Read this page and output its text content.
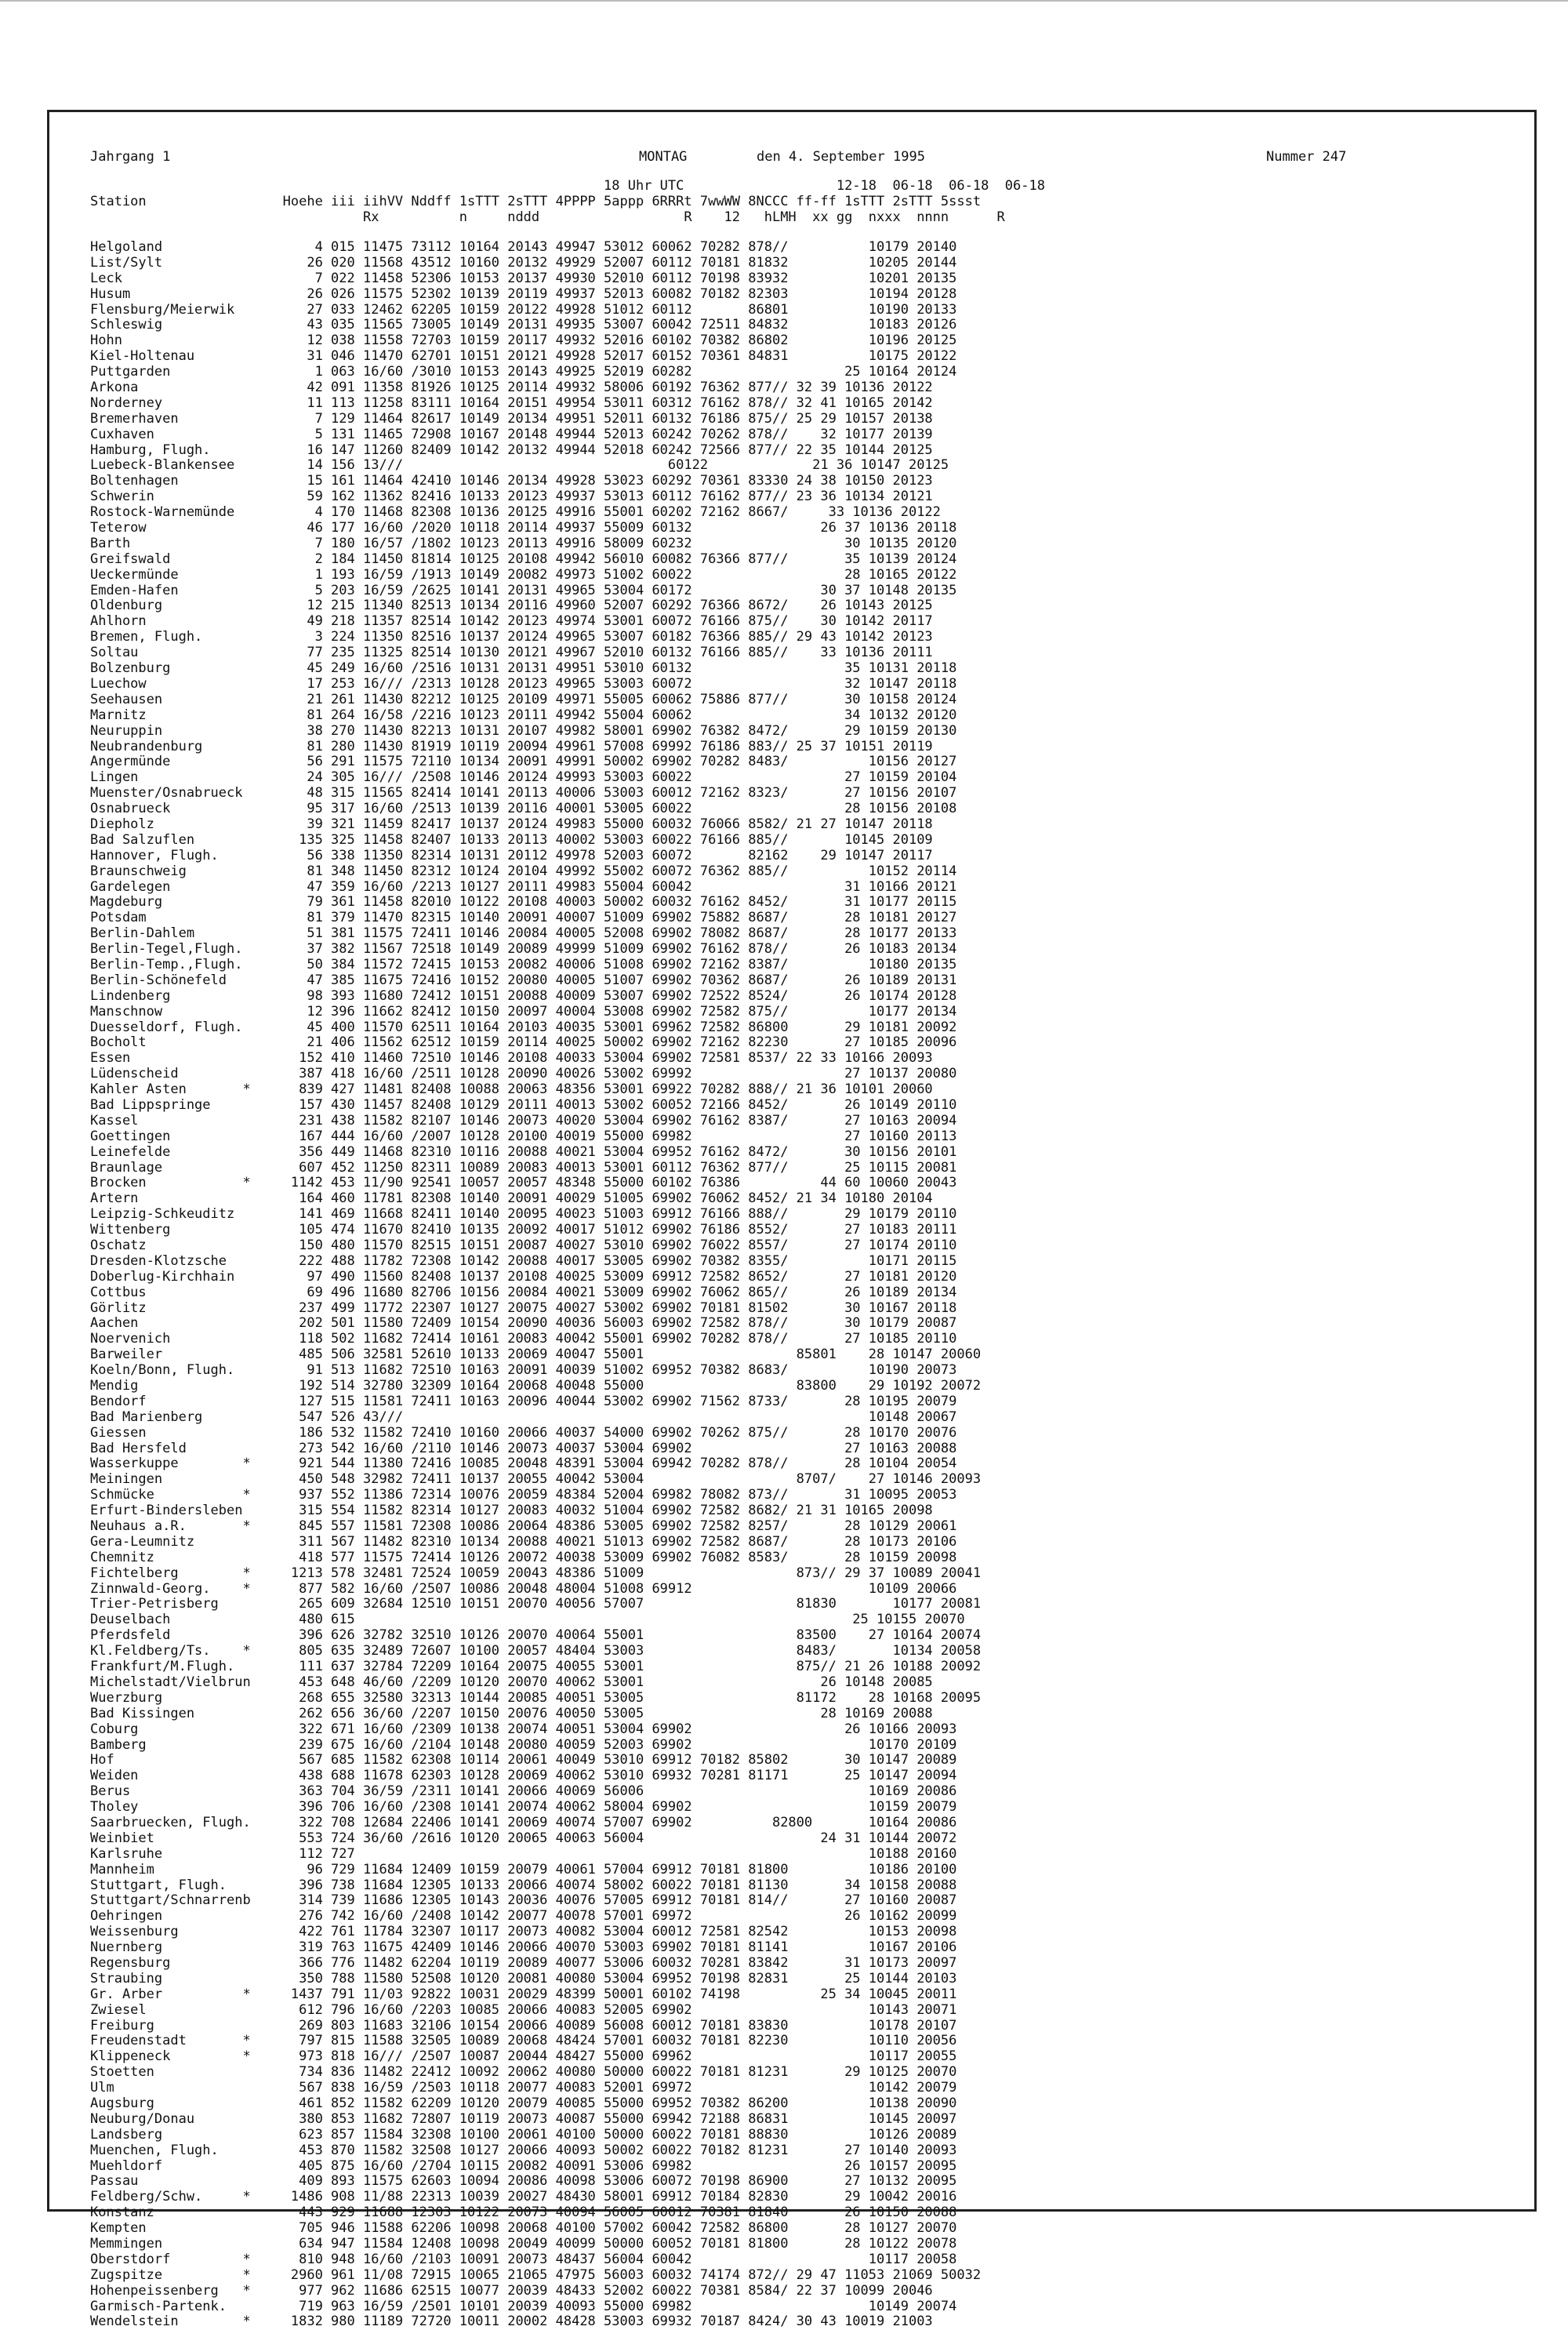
Jahrgang 1	MONTAG	den 4. September 1995	Nummer 247
18 Uhr UTC                   12-18  06-18  06-18  06-18
Station                 Hoehe iii iihVV Nddff 1sTTT 2sTTT 4PPPP 5appp 6RRRt 7wwWW 8NCCC ff-ff 1sTTT 2sTTT 5ssst
Rx          n     nddd                  R    12   hLMH  xx gg  nxxx  nnnn      R
Helgoland                   4 015 11475 73112 10164 20143 49947 53012 60062 70282 878//          10179 20140
List/Sylt                  26 020 11568 43512 10160 20132 49929 52007 60112 70181 81832          10205 20144
Leck                        7 022 11458 52306 10153 20137 49930 52010 60112 70198 83932          10201 20135
Husum                      26 026 11575 52302 10139 20119 49937 52013 60082 70182 82303          10194 20128
Flensburg/Meierwik         27 033 12462 62205 10159 20122 49928 51012 60112       86801          10190 20133
Schleswig                  43 035 11565 73005 10149 20131 49935 53007 60042 72511 84832          10183 20126
Hohn                       12 038 11558 72703 10159 20117 49932 52016 60102 70382 86802          10196 20125
Kiel-Holtenau              31 046 11470 62701 10151 20121 49928 52017 60152 70361 84831          10175 20122
Puttgarden                  1 063 16/60 /3010 10153 20143 49925 52019 60282                   25 10164 20124
Arkona                     42 091 11358 81926 10125 20114 49932 58006 60192 76362 877// 32 39 10136 20122
Norderney                  11 113 11258 83111 10164 20151 49954 53011 60312 76162 878// 32 41 10165 20142
Bremerhaven                 7 129 11464 82617 10149 20134 49951 52011 60132 76186 875// 25 29 10157 20138
Cuxhaven                    5 131 11465 72908 10167 20148 49944 52013 60242 70262 878//    32 10177 20139
Hamburg, Flugh.            16 147 11260 82409 10142 20132 49944 52018 60242 72566 877// 22 35 10144 20125
Luebeck-Blankensee         14 156 13///                                 60122             21 36 10147 20125
Boltenhagen                15 161 11464 42410 10146 20134 49928 53023 60292 70361 83330 24 38 10150 20123
Schwerin                   59 162 11362 82416 10133 20123 49937 53013 60112 76162 877// 23 36 10134 20121
Rostock-Warnemünde          4 170 11468 82308 10136 20125 49916 55001 60202 72162 8667/     33 10136 20122
Teterow                    46 177 16/60 /2020 10118 20114 49937 55009 60132                26 37 10136 20118
Barth                       7 180 16/57 /1802 10123 20113 49916 58009 60232                   30 10135 20120
Greifswald                  2 184 11450 81814 10125 20108 49942 56010 60082 76366 877//       35 10139 20124
Ueckermünde                 1 193 16/59 /1913 10149 20082 49973 51002 60022                   28 10165 20122
Emden-Hafen                 5 203 16/59 /2625 10141 20131 49965 53004 60172                30 37 10148 20135
Oldenburg                  12 215 11340 82513 10134 20116 49960 52007 60292 76366 8672/    26 10143 20125
Ahlhorn                    49 218 11357 82514 10142 20123 49974 53001 60072 76166 875//    30 10142 20117
Bremen, Flugh.              3 224 11350 82516 10137 20124 49965 53007 60182 76366 885// 29 43 10142 20123
Soltau                     77 235 11325 82514 10130 20121 49967 52010 60132 76166 885//    33 10136 20111
Bolzenburg                 45 249 16/60 /2516 10131 20131 49951 53010 60132                   35 10131 20118
Luechow                    17 253 16/// /2313 10128 20123 49965 53003 60072                   32 10147 20118
Seehausen                  21 261 11430 82212 10125 20109 49971 55005 60062 75886 877//       30 10158 20124
Marnitz                    81 264 16/58 /2216 10123 20111 49942 55004 60062                   34 10132 20120
Neuruppin                  38 270 11430 82213 10131 20107 49982 58001 69902 76382 8472/       29 10159 20130
Neubrandenburg             81 280 11430 81919 10119 20094 49961 57008 69992 76186 883// 25 37 10151 20119
Angermünde                 56 291 11575 72110 10134 20091 49991 50002 69902 70282 8483/          10156 20127
Lingen                     24 305 16/// /2508 10146 20124 49993 53003 60022                   27 10159 20104
Muenster/Osnabrueck        48 315 11565 82414 10141 20113 40006 53003 60012 72162 8323/       27 10156 20107
Osnabrueck                 95 317 16/60 /2513 10139 20116 40001 53005 60022                   28 10156 20108
Diepholz                   39 321 11459 82417 10137 20124 49983 55000 60032 76066 8582/ 21 27 10147 20118
Bad Salzuflen             135 325 11458 82407 10133 20113 40002 53003 60022 76166 885//       10145 20109
Hannover, Flugh.           56 338 11350 82314 10131 20112 49978 52003 60072       82162    29 10147 20117
Braunschweig               81 348 11450 82312 10124 20104 49992 55002 60072 76362 885//          10152 20114
Gardelegen                 47 359 16/60 /2213 10127 20111 49983 55004 60042                   31 10166 20121
Magdeburg                  79 361 11458 82010 10122 20108 40003 50002 60032 76162 8452/       31 10177 20115
Potsdam                    81 379 11470 82315 10140 20091 40007 51009 69902 75882 8687/       28 10181 20127
Berlin-Dahlem              51 381 11575 72411 10146 20084 40005 52008 69902 78082 8687/       28 10177 20133
Berlin-Tegel,Flugh.        37 382 11567 72518 10149 20089 49999 51009 69902 76162 878//       26 10183 20134
Berlin-Temp.,Flugh.        50 384 11572 72415 10153 20082 40006 51008 69902 72162 8387/          10180 20135
Berlin-Schönefeld          47 385 11675 72416 10152 20080 40005 51007 69902 70362 8687/       26 10189 20131
Lindenberg                 98 393 11680 72412 10151 20088 40009 53007 69902 72522 8524/       26 10174 20128
Manschnow                  12 396 11662 82412 10150 20097 40004 53008 69902 72582 875//          10177 20134
Duesseldorf, Flugh.        45 400 11570 62511 10164 20103 40035 53001 69962 72582 86800       29 10181 20092
Bocholt                    21 406 11562 62512 10159 20114 40025 50002 69902 72162 82230       27 10185 20096
Essen                     152 410 11460 72510 10146 20108 40033 53004 69902 72581 8537/ 22 33 10166 20093
Lüdenscheid               387 418 16/60 /2511 10128 20090 40026 53002 69992                   27 10137 20080
Kahler Asten       *      839 427 11481 82408 10088 20063 48356 53001 69922 70282 888// 21 36 10101 20060
Bad Lippspringe           157 430 11457 82408 10129 20111 40013 53002 60052 72166 8452/       26 10149 20110
Kassel                    231 438 11582 82107 10146 20073 40020 53004 69902 76162 8387/       27 10163 20094
Goettingen                167 444 16/60 /2007 10128 20100 40019 55000 69982                   27 10160 20113
Leinefelde                356 449 11468 82310 10116 20088 40021 53004 69952 76162 8472/       30 10156 20101
Braunlage                 607 452 11250 82311 10089 20083 40013 53001 60112 76362 877//       25 10115 20081
Brocken            *     1142 453 11/90 92541 10057 20057 48348 55000 60102 76386          44 60 10060 20043
Artern                    164 460 11781 82308 10140 20091 40029 51005 69902 76062 8452/ 21 34 10180 20104
Leipzig-Schkeuditz        141 469 11668 82411 10140 20095 40023 51003 69912 76166 888//       29 10179 20110
Wittenberg                105 474 11670 82410 10135 20092 40017 51012 69902 76186 8552/       27 10183 20111
Oschatz                   150 480 11570 82515 10151 20087 40027 53010 69902 76022 8557/       27 10174 20110
Dresden-Klotzsche         222 488 11782 72308 10142 20088 40017 53005 69902 70382 8355/          10171 20115
Doberlug-Kirchhain         97 490 11560 82408 10137 20108 40025 53009 69912 72582 8652/       27 10181 20120
Cottbus                    69 496 11680 82706 10156 20084 40021 53009 69902 76062 865//       26 10189 20134
Görlitz                   237 499 11772 22307 10127 20075 40027 53002 69902 70181 81502       30 10167 20118
Aachen                    202 501 11580 72409 10154 20090 40036 56003 69902 72582 878//       30 10179 20087
Noervenich                118 502 11682 72414 10161 20083 40042 55001 69902 70282 878//       27 10185 20110
Barweiler                 485 506 32581 52610 10133 20069 40047 55001                   85801    28 10147 20060
Koeln/Bonn, Flugh.         91 513 11682 72510 10163 20091 40039 51002 69952 70382 8683/          10190 20073
Mendig                    192 514 32780 32309 10164 20068 40048 55000                   83800    29 10192 20072
Bendorf                   127 515 11581 72411 10163 20096 40044 53002 69902 71562 8733/       28 10195 20079
Bad Marienberg            547 526 43///                                                          10148 20067
Giessen                   186 532 11582 72410 10160 20066 40037 54000 69902 70262 875//       28 10170 20076
Bad Hersfeld              273 542 16/60 /2110 10146 20073 40037 53004 69902                   27 10163 20088
Wasserkuppe        *      921 544 11380 72416 10085 20048 48391 53004 69942 70282 878//       28 10104 20054
Meiningen                 450 548 32982 72411 10137 20055 40042 53004                   8707/    27 10146 20093
Schmücke           *      937 552 11386 72314 10076 20059 48384 52004 69982 78082 873//       31 10095 20053
Erfurt-Bindersleben       315 554 11582 82314 10127 20083 40032 51004 69902 72582 8682/ 21 31 10165 20098
Neuhaus a.R.       *      845 557 11581 72308 10086 20064 48386 53005 69902 72582 8257/       28 10129 20061
Gera-Leumnitz             311 567 11482 82310 10134 20088 40021 51013 69902 72582 8687/       28 10173 20106
Chemnitz                  418 577 11575 72414 10126 20072 40038 53009 69902 76082 8583/       28 10159 20098
Fichtelberg        *     1213 578 32481 72524 10059 20043 48386 51009                   873// 29 37 10089 20041
Zinnwald-Georg.    *      877 582 16/60 /2507 10086 20048 48004 51008 69912                      10109 20066
Trier-Petrisberg          265 609 32684 12510 10151 20070 40056 57007                   81830       10177 20081
Deuselbach                480 615                                                              25 10155 20070
Pferdsfeld                396 626 32782 32510 10126 20070 40064 55001                   83500    27 10164 20074
Kl.Feldberg/Ts.    *      805 635 32489 72607 10100 20057 48404 53003                   8483/       10134 20058
Frankfurt/M.Flugh.        111 637 32784 72209 10164 20075 40055 53001                   875// 21 26 10188 20092
Michelstadt/Vielbrun      453 648 46/60 /2209 10120 20070 40062 53001                      26 10148 20085
Wuerzburg                 268 655 32580 32313 10144 20085 40051 53005                   81172    28 10168 20095
Bad Kissingen             262 656 36/60 /2207 10150 20076 40050 53005                      28 10169 20088
Coburg                    322 671 16/60 /2309 10138 20074 40051 53004 69902                   26 10166 20093
Bamberg                   239 675 16/60 /2104 10148 20080 40059 52003 69902                      10170 20109
Hof                       567 685 11582 62308 10114 20061 40049 53010 69912 70182 85802       30 10147 20089
Weiden                    438 688 11678 62303 10128 20069 40062 53010 69932 70281 81171       25 10147 20094
Berus                     363 704 36/59 /2311 10141 20066 40069 56006                            10169 20086
Tholey                    396 706 16/60 /2308 10141 20074 40062 58004 69902                      10159 20079
Saarbruecken, Flugh.      322 708 12684 22406 10141 20069 40074 57007 69902          82800       10164 20086
Weinbiet                  553 724 36/60 /2616 10120 20065 40063 56004                      24 31 10144 20072
Karlsruhe                 112 727                                                                10188 20160
Mannheim                   96 729 11684 12409 10159 20079 40061 57004 69912 70181 81800          10186 20100
Stuttgart, Flugh.         396 738 11684 12305 10133 20066 40074 58002 60022 70181 81130       34 10158 20088
Stuttgart/Schnarrenb      314 739 11686 12305 10143 20036 40076 57005 69912 70181 814//       27 10160 20087
Oehringen                 276 742 16/60 /2408 10142 20077 40078 57001 69972                   26 10162 20099
Weissenburg               422 761 11784 32307 10117 20073 40082 53004 60012 72581 82542          10153 20098
Nuernberg                 319 763 11675 42409 10146 20066 40070 53003 69902 70181 81141          10167 20106
Regensburg                366 776 11482 62204 10119 20089 40077 53006 60032 70281 83842       31 10173 20097
Straubing                 350 788 11580 52508 10120 20081 40080 53004 69952 70198 82831       25 10144 20103
Gr. Arber          *     1437 791 11/03 92822 10031 20029 48399 50001 60102 74198          25 34 10045 20011
Zwiesel                   612 796 16/60 /2203 10085 20066 40083 52005 69902                      10143 20071
Freiburg                  269 803 11683 32106 10154 20066 40089 56008 60012 70181 83830          10178 20107
Freudenstadt       *      797 815 11588 32505 10089 20068 48424 57001 60032 70181 82230          10110 20056
Klippeneck         *      973 818 16/// /2507 10087 20044 48427 55000 69962                      10117 20055
Stoetten                  734 836 11482 22412 10092 20062 40080 50000 60022 70181 81231       29 10125 20070
Ulm                       567 838 16/59 /2503 10118 20077 40083 52001 69972                      10142 20079
Augsburg                  461 852 11582 62209 10120 20079 40085 55000 69952 70382 86200          10138 20090
Neuburg/Donau             380 853 11682 72807 10119 20073 40087 55000 69942 72188 86831          10145 20097
Landsberg                 623 857 11584 32308 10100 20061 40100 50000 60022 70181 88830          10126 20089
Muenchen, Flugh.          453 870 11582 32508 10127 20066 40093 50002 60022 70182 81231       27 10140 20093
Muehldorf                 405 875 16/60 /2704 10115 20082 40091 53006 69982                   26 10157 20095
Passau                    409 893 11575 62603 10094 20086 40098 53006 60072 70198 86900       27 10132 20095
Feldberg/Schw.     *     1486 908 11/88 22313 10039 20027 48430 58001 69912 70184 82830       29 10042 20016
Konstanz                  443 929 11688 12303 10122 20073 40094 56005 60012 70381 81840       26 10150 20088
Kempten                   705 946 11588 62206 10098 20068 40100 57002 60042 72582 86800       28 10127 20070
Memmingen                 634 947 11584 12408 10098 20049 40099 50000 60052 70181 81800       28 10122 20078
Oberstdorf         *      810 948 16/60 /2103 10091 20073 48437 56004 60042                      10117 20058
Zugspitze          *     2960 961 11/08 72915 10065 21065 47975 56003 60032 74174 872// 29 47 11053 21069 50032
Hohenpeissenberg   *      977 962 11686 62515 10077 20039 48433 52002 60022 70381 8584/ 22 37 10099 20046
Garmisch-Partenk.         719 963 16/59 /2501 10101 20039 40093 55000 69982                      10149 20074
Wendelstein        *     1832 980 11189 72720 10011 20002 48428 53003 69932 70187 8424/ 30 43 10019 21003
